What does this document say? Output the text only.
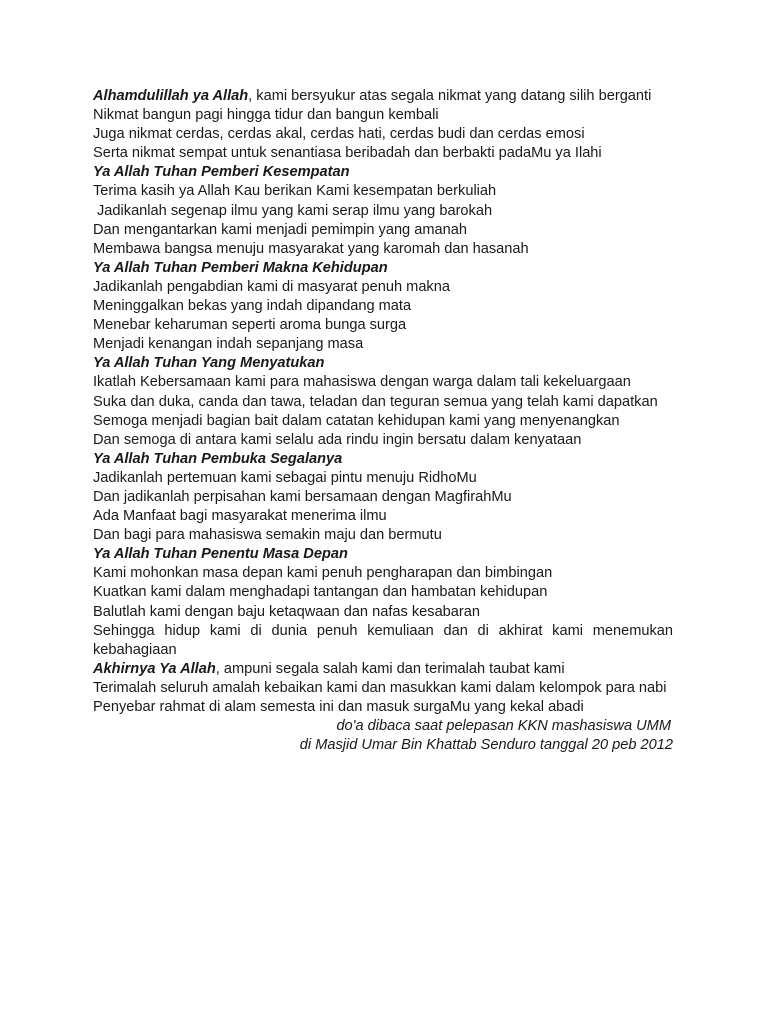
Alhamdulillah ya Allah, kami bersyukur atas segala nikmat yang datang silih berganti
Nikmat bangun pagi hingga tidur dan bangun kembali
Juga nikmat cerdas, cerdas akal, cerdas hati, cerdas budi dan cerdas emosi
Serta nikmat sempat untuk senantiasa beribadah dan berbakti padaMu ya Ilahi
Ya Allah Tuhan Pemberi Kesempatan
Terima kasih ya Allah Kau berikan Kami kesempatan berkuliah
Jadikanlah segenap ilmu yang kami serap ilmu yang barokah
Dan mengantarkan kami menjadi pemimpin yang amanah
Membawa bangsa menuju masyarakat yang karomah dan hasanah
Ya Allah Tuhan Pemberi Makna Kehidupan
Jadikanlah pengabdian kami di masyarat penuh makna
Meninggalkan bekas yang indah dipandang mata
Menebar keharuman seperti aroma bunga surga
Menjadi kenangan indah sepanjang masa
Ya Allah Tuhan Yang Menyatukan
Ikatlah Kebersamaan kami para mahasiswa dengan warga dalam tali kekeluargaan
Suka dan duka, canda dan tawa, teladan dan teguran semua yang telah kami dapatkan
Semoga menjadi bagian bait dalam catatan kehidupan kami yang menyenangkan
Dan semoga di antara kami selalu ada rindu ingin bersatu dalam kenyataan
Ya Allah Tuhan Pembuka Segalanya
Jadikanlah pertemuan kami sebagai pintu menuju RidhoMu
Dan jadikanlah perpisahan kami bersamaan dengan MagfirahMu
Ada Manfaat bagi masyarakat menerima ilmu
Dan bagi para mahasiswa semakin maju dan bermutu
Ya Allah Tuhan Penentu Masa Depan
Kami mohonkan masa depan kami penuh pengharapan dan bimbingan
Kuatkan kami dalam menghadapi tantangan dan hambatan kehidupan
Balutlah kami dengan baju ketaqwaan dan nafas kesabaran
Sehingga hidup kami di dunia penuh kemuliaan dan di akhirat kami menemukan kebahagiaan
Akhirnya Ya Allah, ampuni segala salah kami dan terimalah taubat kami
Terimalah seluruh amalah kebaikan kami dan masukkan kami dalam kelompok para nabi
Penyebar rahmat di alam semesta ini dan masuk surgaMu yang kekal abadi
do'a dibaca saat pelepasan KKN mashasiswa UMM
di Masjid Umar Bin Khattab Senduro tanggal 20 peb 2012
